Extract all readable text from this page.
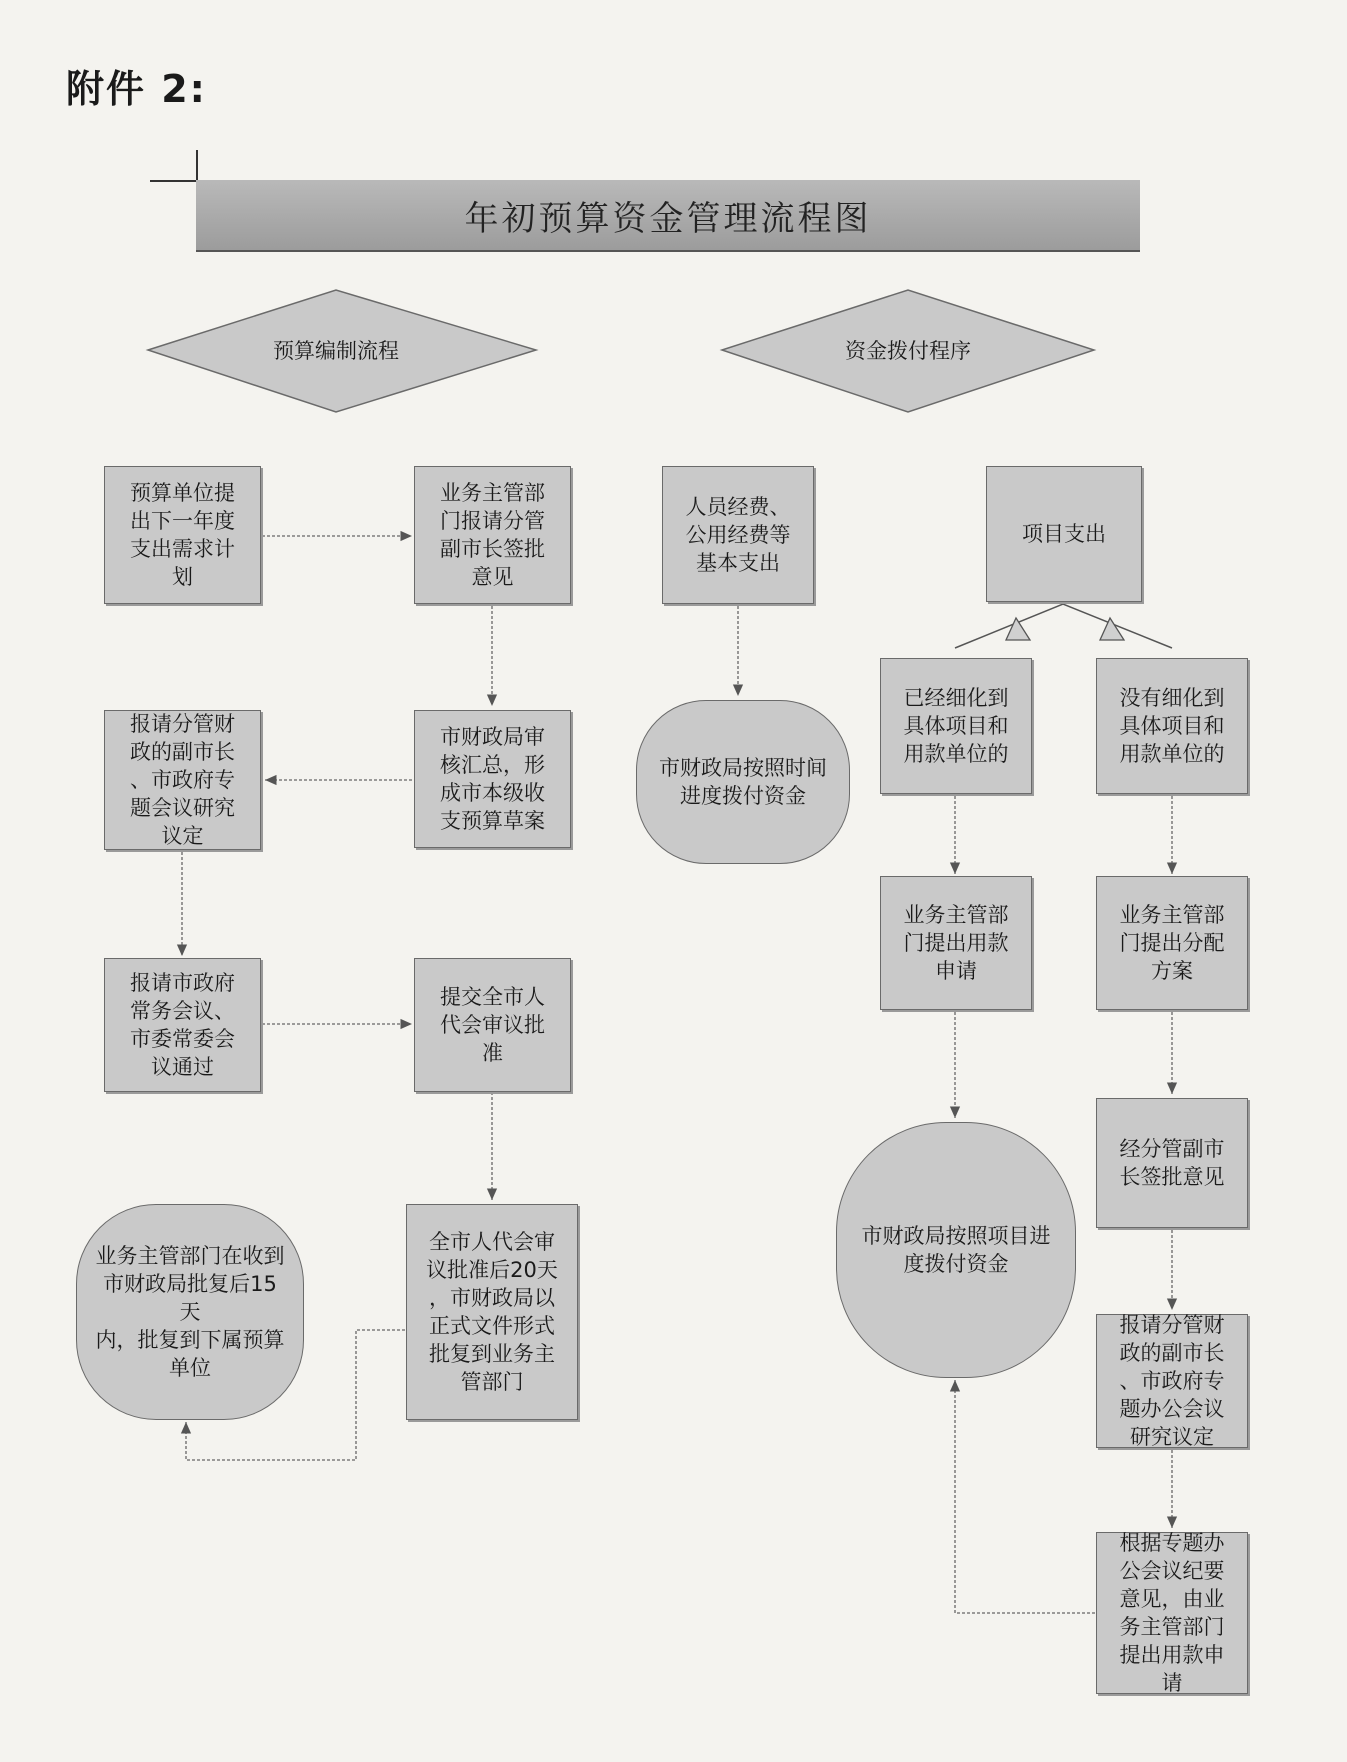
附件 2:
年初预算资金管理流程图
预算编制流程	资金拨付程序
预算单位提
出下一年度
支出需求计
划
业务主管部
门报请分管
副市长签批
意见
市财政局审
核汇总，形
成市本级收
支预算草案
报请分管财
政的副市长
、市政府专
题会议研究
议定
报请市政府
常务会议、
市委常委会
议通过
提交全市人
代会审议批
准
全市人代会审
议批准后20天
，市财政局以
正式文件形式
批复到业务主
管部门
业务主管部门在收到
市财政局批复后15天
内，批复到下属预算
单位
人员经费、
公用经费等
基本支出
市财政局按照时间
进度拨付资金
项目支出
已经细化到
具体项目和
用款单位的
没有细化到
具体项目和
用款单位的
业务主管部
门提出用款
申请
业务主管部
门提出分配
方案
市财政局按照项目进
度拨付资金
经分管副市
长签批意见
报请分管财
政的副市长
、市政府专
题办公会议
研究议定
根据专题办
公会议纪要
意见，由业
务主管部门
提出用款申
请
